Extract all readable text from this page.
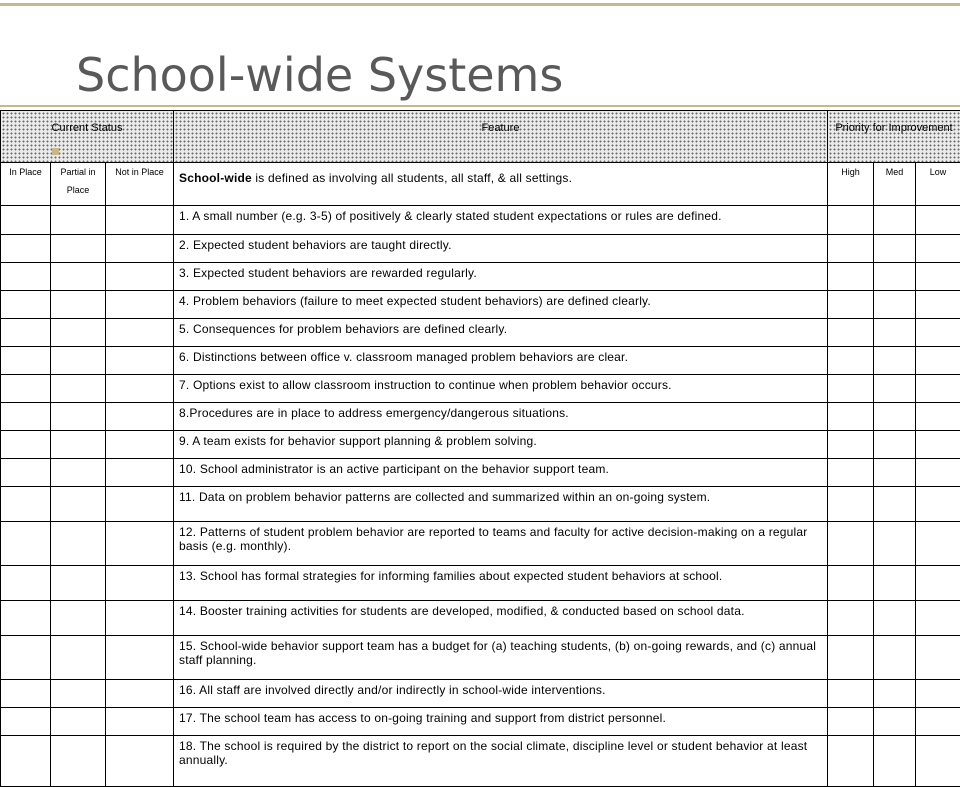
School-wide Systems
Current Status			Feature	Priority for Improvement		
In Place	Partial in Place	Not in Place	School-wide is defined as involving all students, all staff, & all settings.	High	Med	Low
			1. A small number (e.g. 3-5) of positively & clearly stated student expectations or rules are defined.			
			2. Expected student behaviors are taught directly.			
			3. Expected student behaviors are rewarded regularly.			
			4. Problem behaviors (failure to meet expected student behaviors) are defined clearly.			
			5. Consequences for problem behaviors are defined clearly.			
			6. Distinctions between office v. classroom managed problem behaviors are clear.			
			7. Options exist to allow classroom instruction to continue when problem behavior occurs.			
			8.Procedures are in place to address emergency/dangerous situations.			
			9. A team exists for behavior support planning & problem solving.			
			10. School administrator is an active participant on the behavior support team.			
			11. Data on problem behavior patterns are collected and summarized within an on-going system.			
			12. Patterns of student problem behavior are reported to teams and faculty for active decision-making on a regular basis (e.g. monthly).			
			13. School has formal strategies for informing families about expected student behaviors at school.			
			14. Booster training activities for students are developed, modified, & conducted based on school data.			
			15. School-wide behavior support team has a budget for (a) teaching students, (b) on-going rewards, and (c) annual staff planning.			
			16. All staff are involved directly and/or indirectly in school-wide interventions.			
			17. The school team has access to on-going training and support from district personnel.			
			18. The school is required by the district to report on the social climate, discipline level or student behavior at least annually.			
